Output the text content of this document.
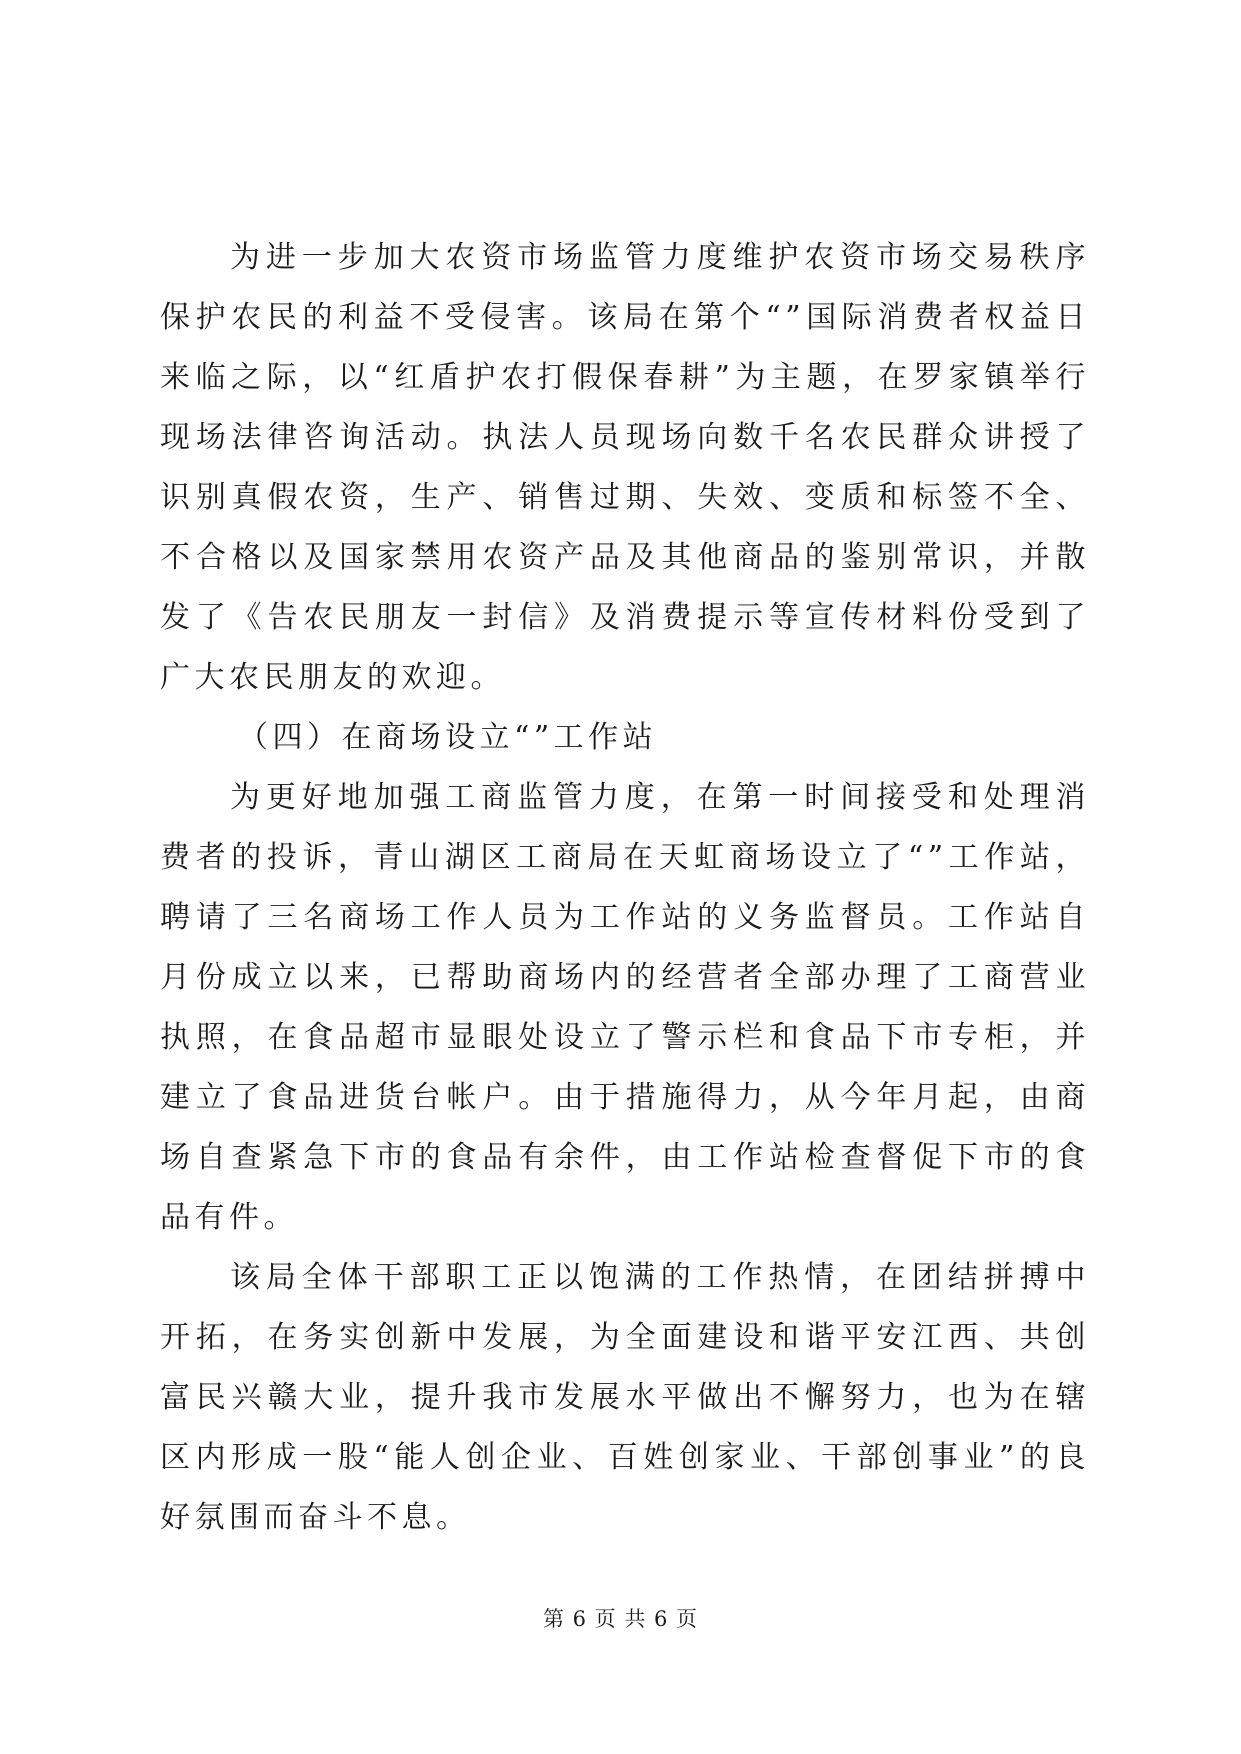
为进一步加大农资市场监管力度维护农资市场交易秩序保护农民的利益不受侵害。该局在第个“”国际消费者权益日来临之际，以“红盾护农打假保春耕”为主题，在罗家镇举行现场法律咨询活动。执法人员现场向数千名农民群众讲授了识别真假农资，生产、销售过期、失效、变质和标签不全、不合格以及国家禁用农资产品及其他商品的鉴别常识，并散发了《告农民朋友一封信》及消费提示等宣传材料份受到了广大农民朋友的欢迎。

（四）在商场设立“”工作站

为更好地加强工商监管力度，在第一时间接受和处理消费者的投诉，青山湖区工商局在天虹商场设立了“”工作站，聘请了三名商场工作人员为工作站的义务监督员。工作站自月份成立以来，已帮助商场内的经营者全部办理了工商营业执照，在食品超市显眼处设立了警示栏和食品下市专柜，并建立了食品进货台帐户。由于措施得力，从今年月起，由商场自查紧急下市的食品有余件，由工作站检查督促下市的食品有件。

该局全体干部职工正以饱满的工作热情，在团结拼搏中开拓，在务实创新中发展，为全面建设和谐平安江西、共创富民兴赣大业，提升我市发展水平做出不懈努力，也为在辖区内形成一股“能人创企业、百姓创家业、干部创事业”的良好氛围而奋斗不息。

第 6 页 共 6 页
